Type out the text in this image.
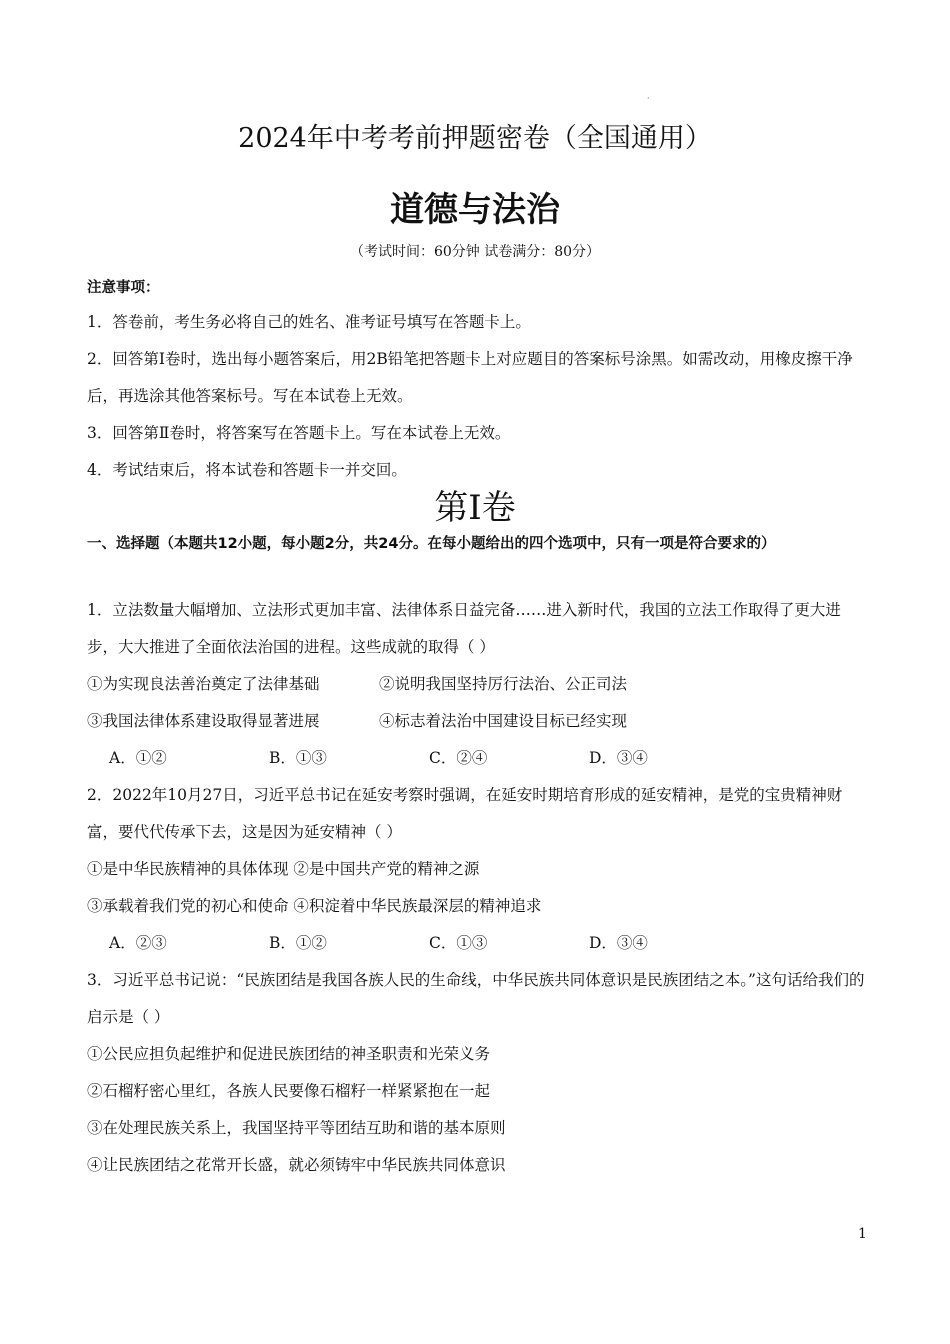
·
2024年中考考前押题密卷（全国通用）
道德与法治
（考试时间：60分钟 试卷满分：80分）
注意事项：

1．答卷前，考生务必将自己的姓名、准考证号填写在答题卡上。

2．回答第Ⅰ卷时，选出每小题答案后，用2B铅笔把答题卡上对应题目的答案标号涂黑。如需改动，用橡皮擦干净后，再选涂其他答案标号。写在本试卷上无效。

3．回答第Ⅱ卷时，将答案写在答题卡上。写在本试卷上无效。

4．考试结束后，将本试卷和答题卡一并交回。

第Ⅰ卷
一、选择题（本题共12小题，每小题2分，共24分。在每小题给出的四个选项中，只有一项是符合要求的）

1．立法数量大幅增加、立法形式更加丰富、法律体系日益完备……进入新时代，我国的立法工作取得了更大进步，大大推进了全面依法治国的进程。这些成就的取得（ ）

①为实现良法善治奠定了法律基础	②说明我国坚持厉行法治、公正司法
③我国法律体系建设取得显著进展	④标志着法治中国建设目标已经实现
A．①②	B．①③	C．②④	D．③④

2．2022年10月27日，习近平总书记在延安考察时强调，在延安时期培育形成的延安精神，是党的宝贵精神财富，要代代传承下去，这是因为延安精神（ ）

①是中华民族精神的具体体现 ②是中国共产党的精神之源

③承载着我们党的初心和使命 ④积淀着中华民族最深层的精神追求

A．②③	B．①②	C．①③	D．③④

3．习近平总书记说：“民族团结是我国各族人民的生命线，中华民族共同体意识是民族团结之本。”这句话给我们的启示是（ ）

①公民应担负起维护和促进民族团结的神圣职责和光荣义务

②石榴籽密心里红，各族人民要像石榴籽一样紧紧抱在一起

③在处理民族关系上，我国坚持平等团结互助和谐的基本原则

④让民族团结之花常开长盛，就必须铸牢中华民族共同体意识

1
